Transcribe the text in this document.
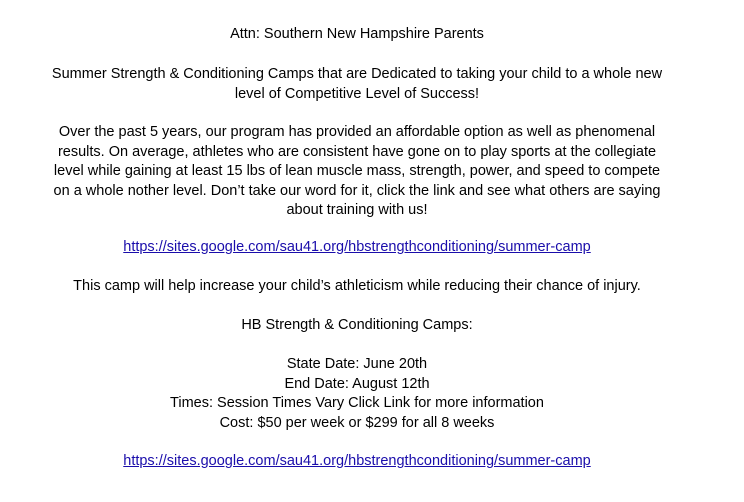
Attn: Southern New Hampshire Parents
Summer Strength & Conditioning Camps that are Dedicated to taking your child to a whole new
level of Competitive Level of Success!
Over the past 5 years, our program has provided an affordable option as well as phenomenal
results. On average, athletes who are consistent have gone on to play sports at the collegiate
level while gaining at least 15 lbs of lean muscle mass, strength, power, and speed to compete
on a whole nother level. Don’t take our word for it, click the link and see what others are saying
about training with us!
https://sites.google.com/sau41.org/hbstrengthconditioning/summer-camp
This camp will help increase your child’s athleticism while reducing their chance of injury.
HB Strength & Conditioning Camps:
State Date: June 20th
End Date: August 12th
Times: Session Times Vary Click Link for more information
Cost: $50 per week or $299 for all 8 weeks
https://sites.google.com/sau41.org/hbstrengthconditioning/summer-camp
